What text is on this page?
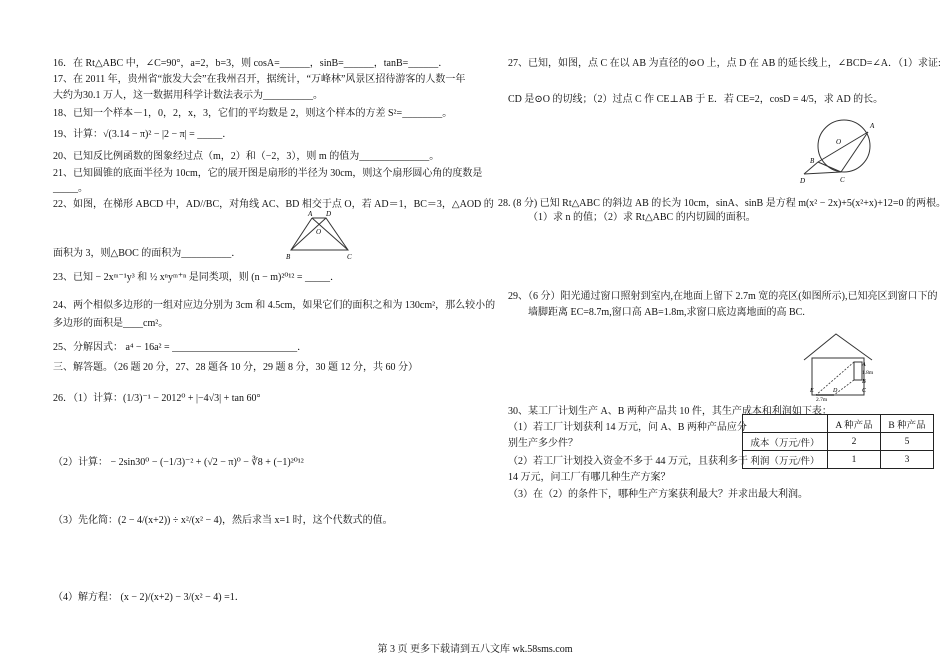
16．在 Rt△ABC 中，∠C=90°，a=2，b=3，则 cosA=______，sinB=______，tanB=______．
17、在 2011 年，贵州省“旅发大会”在我州召开，据统计，“万峰林”风景区招待游客的人数一年
大约为30.1 万人，这一数据用科学计数法表示为__________。
18、已知一个样本－1，0，2，x，3，它们的平均数是 2，则这个样本的方差 S²=________。
19、计算：√(3.14 − π)² − |2 − π| = _____．
20、已知反比例函数的图象经过点（m，2）和（−2，3），则 m 的值为______________。
21、已知圆锥的底面半径为 10cm，它的展开图是扇形的半径为 30cm，则这个扇形圆心角的度数是
_____。
22、如图，在梯形 ABCD 中，AD//BC，对角线 AC、BD 相交于点 O，若 AD＝1，BC＝3，△AOD 的
A D
O
B	C
面积为 3，则△BOC 的面积为__________．
23、已知 − 2xᵐ⁻¹y³ 和 ½ xⁿyᵐ⁺ⁿ 是同类项，则 (n − m)²⁰¹² = _____．
24、两个相似多边形的一组对应边分别为 3cm 和 4.5cm，如果它们的面积之和为 130cm²，那么较小的
多边形的面积是____cm²。
25、分解因式： a⁴ − 16a² = _________________________．
三、解答题。（26 题 20 分，27、28 题各 10 分，29 题 8 分，30 题 12 分，共 60 分）
26．（1）计算：(1/3)⁻¹ − 2012⁰ + |−4√3| + tan 60°
（2）计算： − 2sin30⁰ − (−1/3)⁻² + (√2 − π)⁰ − ∛8 + (−1)²⁰¹²
（3）先化简：(2 − 4/(x+2)) ÷ x²/(x² − 4)，然后求当 x=1 时，这个代数式的值。
（4）解方程： (x − 2)/(x+2) − 3/(x² − 4) =1．
27、已知，如图，点 C 在以 AB 为直径的⊙O 上，点 D 在 AB 的延长线上，∠BCD=∠A．（1）求证:
CD 是⊙O 的切线；（2）过点 C 作 CE⊥AB 于 E．若 CE=2，cosD = 4/5，求 AD 的长。
A
O
B
D	C
28. (8 分) 已知 Rt△ABC 的斜边 AB 的长为 10cm，sinA、sinB 是方程 m(x² − 2x)+5(x²+x)+12=0 的两根。
（1）求 n 的值；（2）求 Rt△ABC 的内切圆的面积。
29、（6 分）阳光通过窗口照射到室内,在地面上留下 2.7m 宽的亮区(如图所示),已知亮区到窗口下的
墙脚距离 EC=8.7m,窗口高 AB=1.8m,求窗口底边离地面的高 BC.
A
B
1.8m
E	D	C
2.7m
30、某工厂计划生产 A、B 两种产品共 10 件，其生产成本和利润如下表：
（1）若工厂计划获利 14 万元，问 A、B 两种产品应分
别生产多少件？
（2）若工厂计划投入资金不多于 44 万元，且获利多于
14 万元，问工厂有哪几种生产方案？
（3）在（2）的条件下，哪种生产方案获利最大？并求出最大利润。
	A 种产品	B 种产品
成本（万元/件）	2	5
利润（万元/件）	1	3
第 3 页 更多下载请到五八文库 wk.58sms.com
